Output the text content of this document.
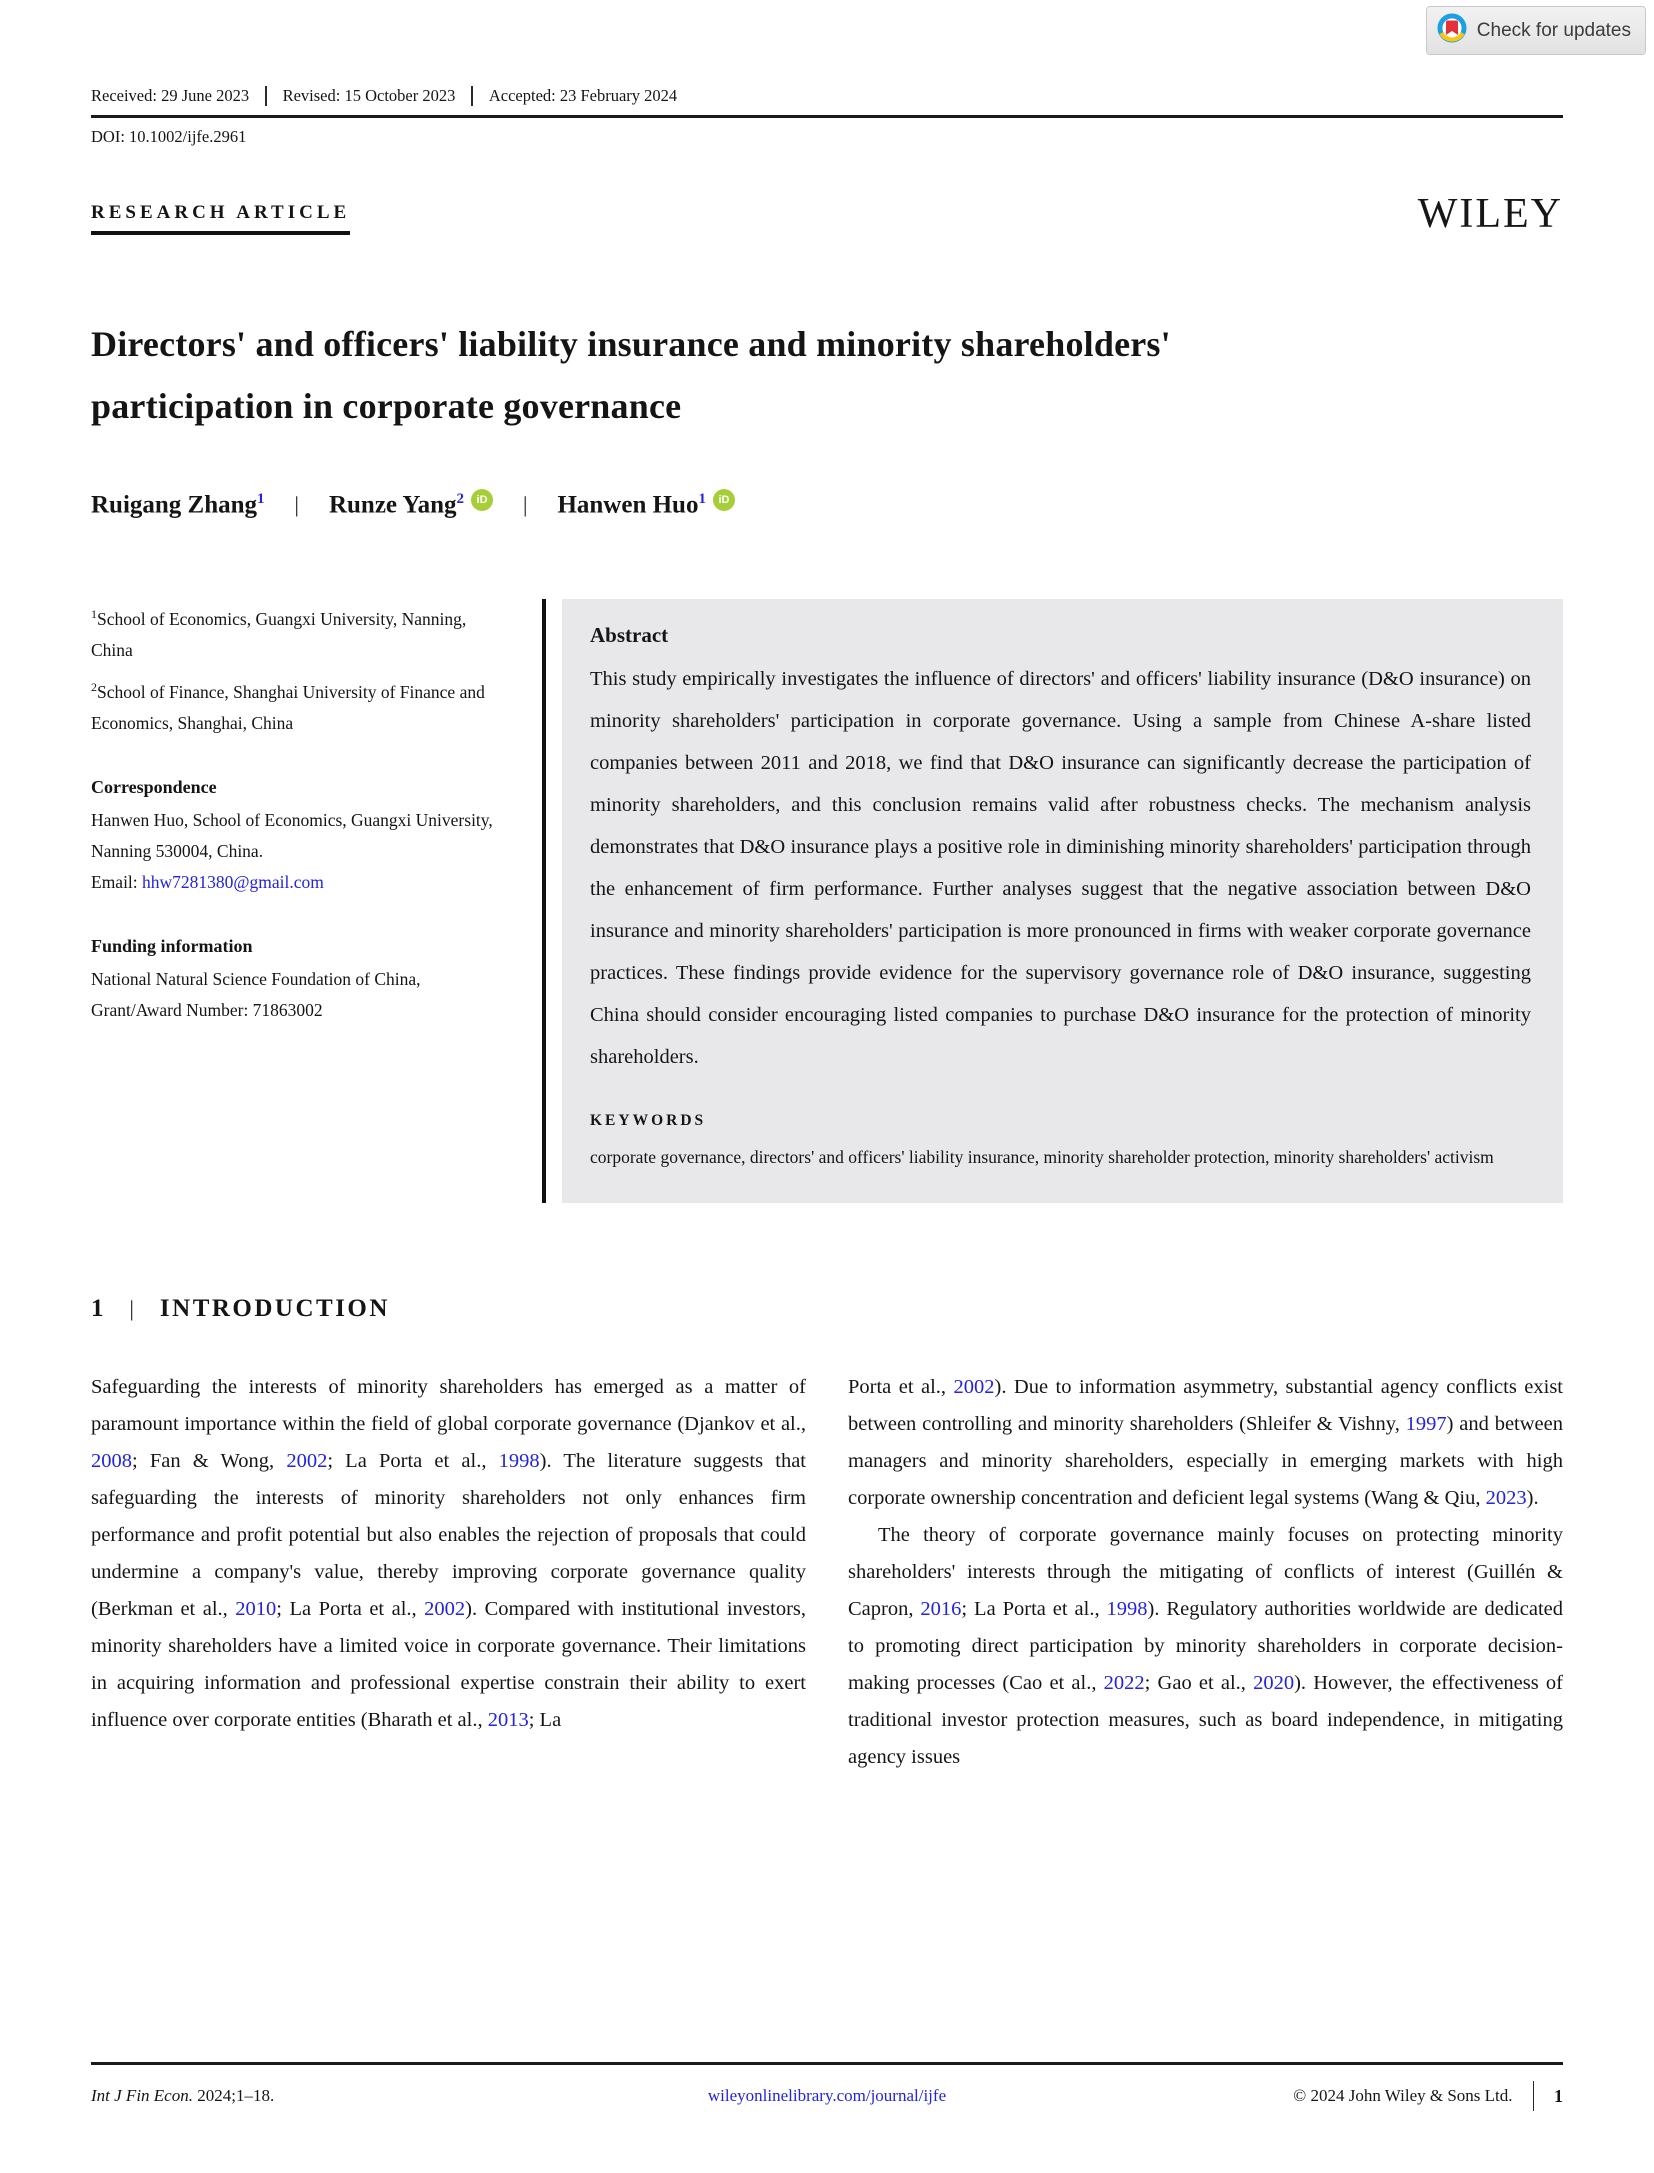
Check for updates
Received: 29 June 2023 Revised: 15 October 2023 Accepted: 23 February 2024
DOI: 10.1002/ijfe.2961
RESEARCH ARTICLE	WILEY
Directors' and officers' liability insurance and minority shareholders' participation in corporate governance
Ruigang Zhang$^1$ | Runze Yang$^2$ iD | Hanwen Huo$^1$ iD
$^1$School of Economics, Guangxi University, Nanning, China
$^2$School of Finance, Shanghai University of Finance and Economics, Shanghai, China
Correspondence
Hanwen Huo, School of Economics, Guangxi University, Nanning 530004, China.
Email: hhw7281380@gmail.com
Funding information
National Natural Science Foundation of China, Grant/Award Number: 71863002
Abstract
This study empirically investigates the influence of directors' and officers' liability insurance (D&O insurance) on minority shareholders' participation in corporate governance. Using a sample from Chinese A-share listed companies between 2011 and 2018, we find that D&O insurance can significantly decrease the participation of minority shareholders, and this conclusion remains valid after robustness checks. The mechanism analysis demonstrates that D&O insurance plays a positive role in diminishing minority shareholders' participation through the enhancement of firm performance. Further analyses suggest that the negative association between D&O insurance and minority shareholders' participation is more pronounced in firms with weaker corporate governance practices. These findings provide evidence for the supervisory governance role of D&O insurance, suggesting China should consider encouraging listed companies to purchase D&O insurance for the protection of minority shareholders.
KEYWORDS
corporate governance, directors' and officers' liability insurance, minority shareholder protection, minority shareholders' activism
1 | INTRODUCTION

Safeguarding the interests of minority shareholders has emerged as a matter of paramount importance within the field of global corporate governance (Djankov et al., 2008; Fan & Wong, 2002; La Porta et al., 1998). The literature suggests that safeguarding the interests of minority shareholders not only enhances firm performance and profit potential but also enables the rejection of proposals that could undermine a company's value, thereby improving corporate governance quality (Berkman et al., 2010; La Porta et al., 2002). Compared with institutional investors, minority shareholders have a limited voice in corporate governance. Their limitations in acquiring information and professional expertise constrain their ability to exert influence over corporate entities (Bharath et al., 2013; La

Porta et al., 2002). Due to information asymmetry, substantial agency conflicts exist between controlling and minority shareholders (Shleifer & Vishny, 1997) and between managers and minority shareholders, especially in emerging markets with high corporate ownership concentration and deficient legal systems (Wang & Qiu, 2023).

The theory of corporate governance mainly focuses on protecting minority shareholders' interests through the mitigating of conflicts of interest (Guillén & Capron, 2016; La Porta et al., 1998). Regulatory authorities worldwide are dedicated to promoting direct participation by minority shareholders in corporate decision-making processes (Cao et al., 2022; Gao et al., 2020). However, the effectiveness of traditional investor protection measures, such as board independence, in mitigating agency issues

Int J Fin Econ. 2024;1–18.	wileyonlinelibrary.com/journal/ijfe	© 2024 John Wiley & Sons Ltd. 1
